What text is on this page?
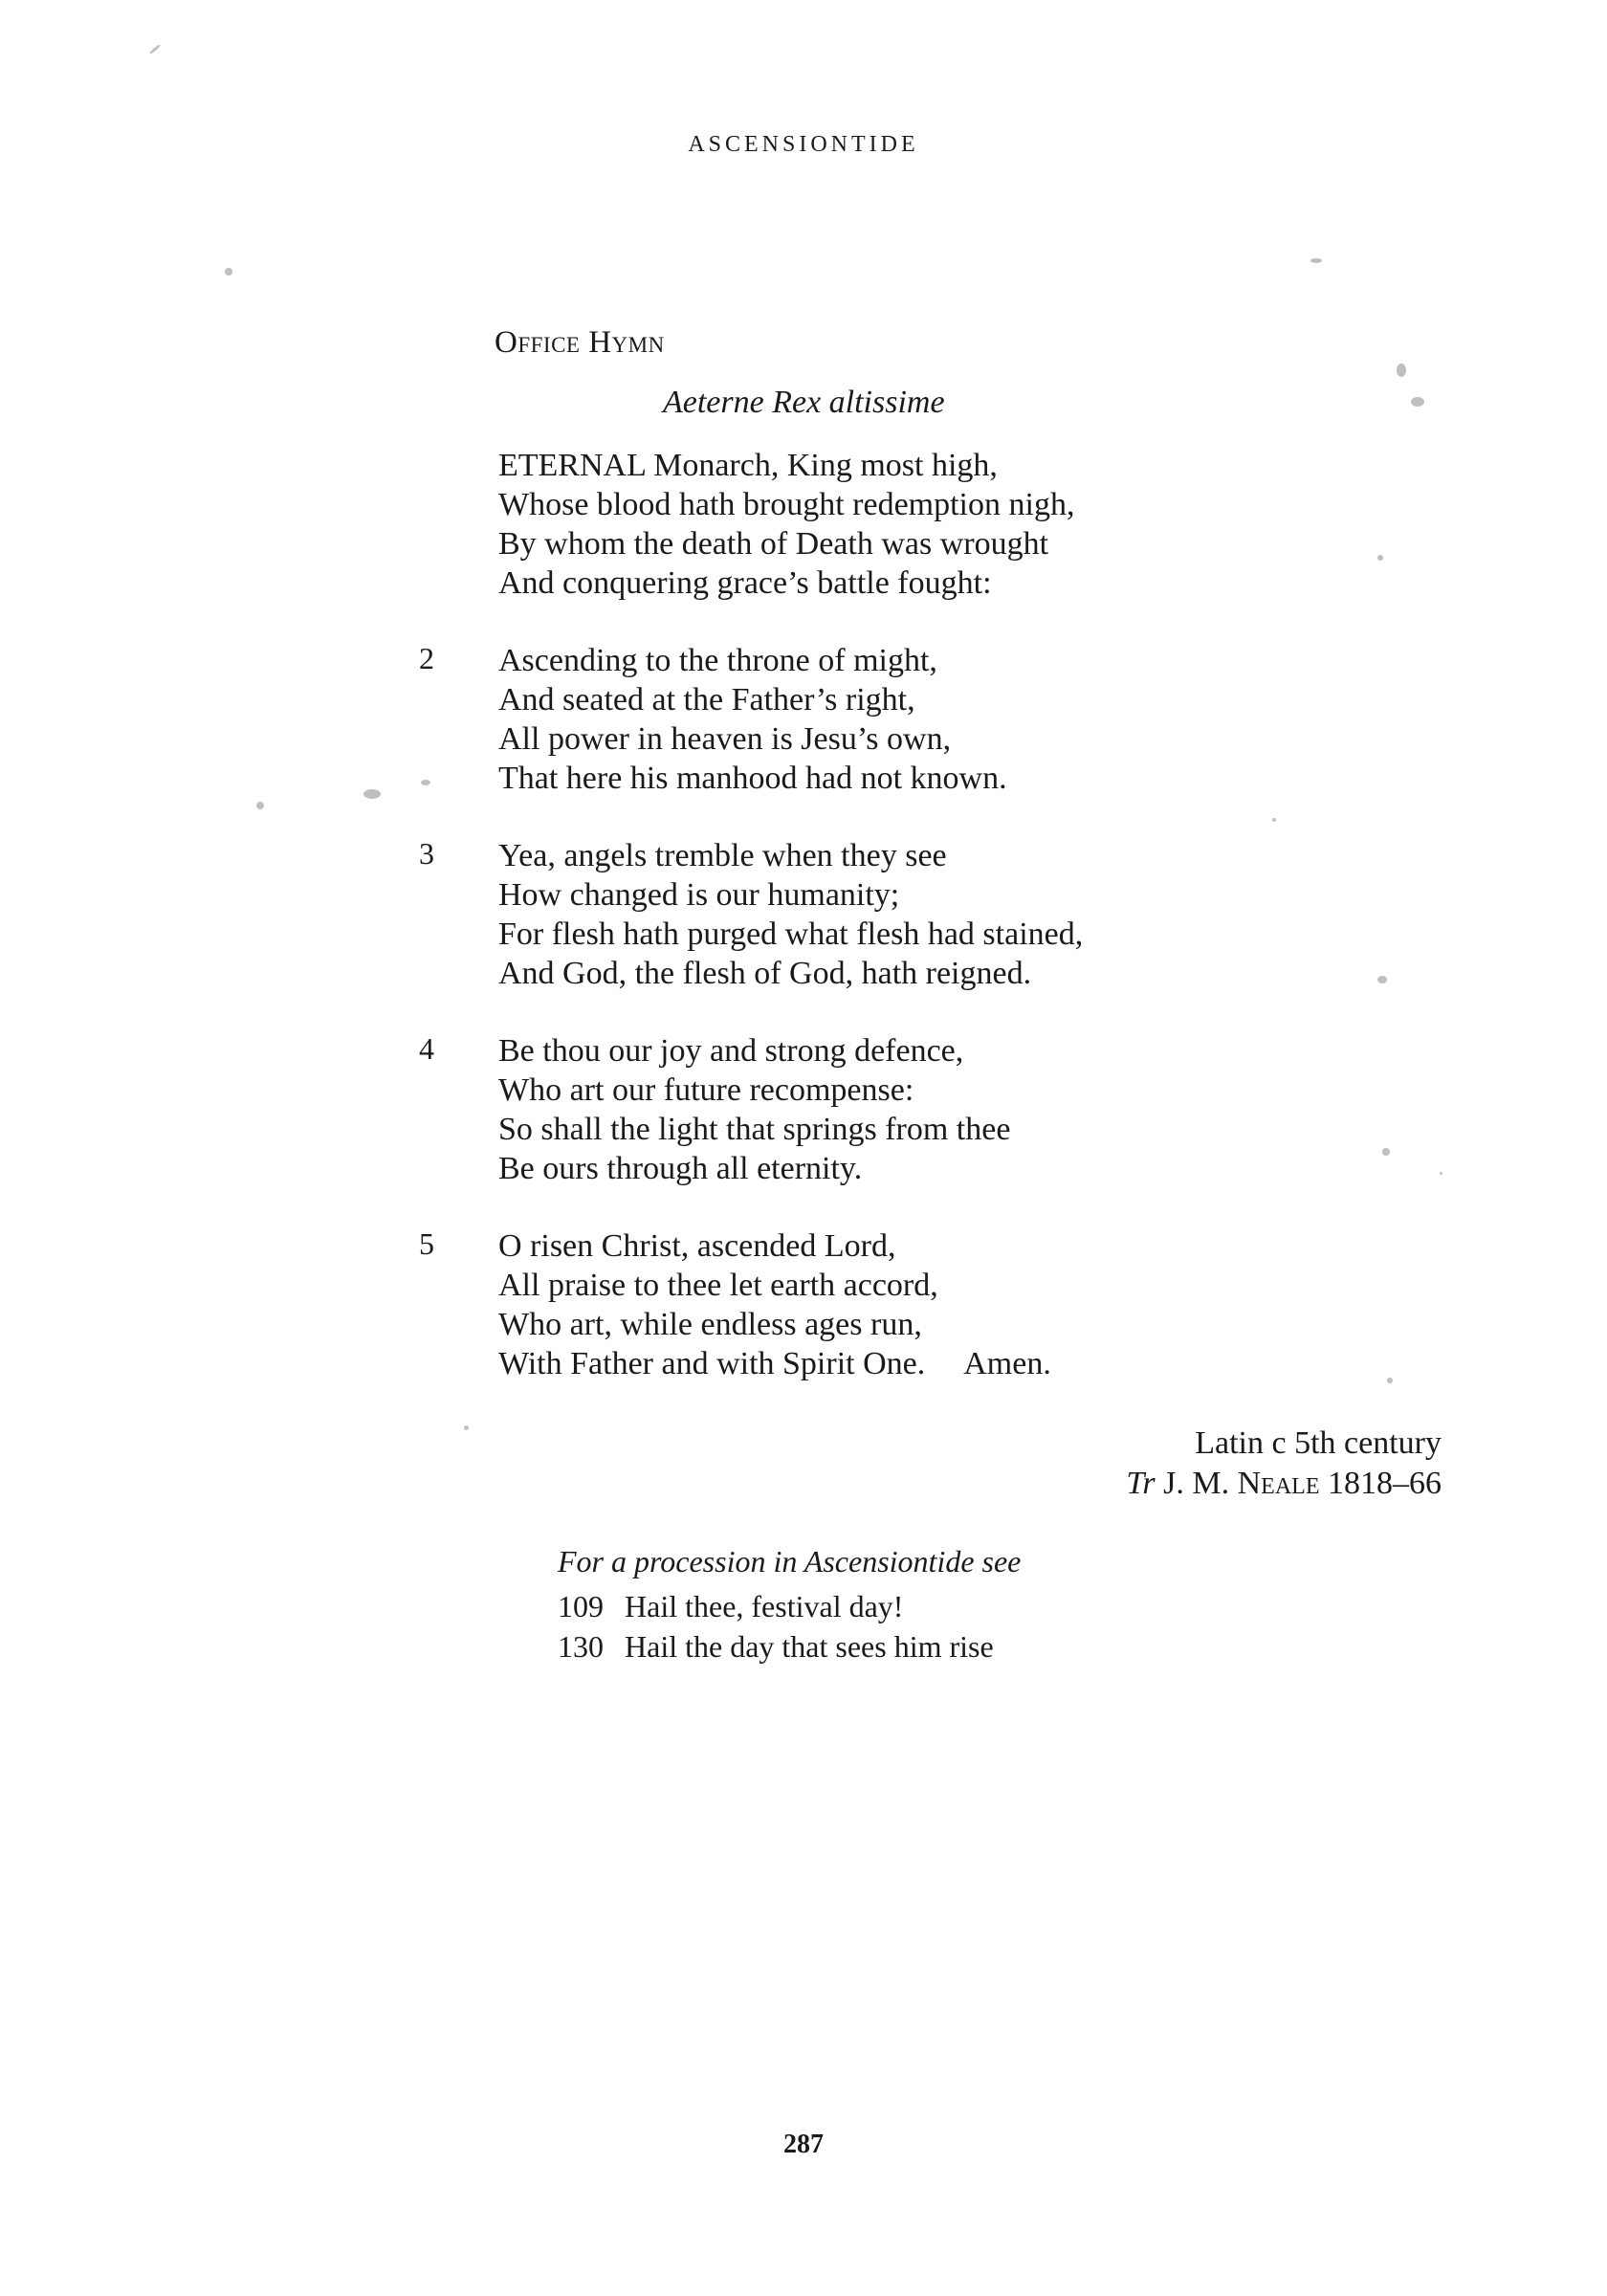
ASCENSIONTIDE
Office Hymn
Aeterne Rex altissime
ETERNAL Monarch, King most high,
Whose blood hath brought redemption nigh,
By whom the death of Death was wrought
And conquering grace’s battle fought:
2	Ascending to the throne of might,
And seated at the Father’s right,
All power in heaven is Jesu’s own,
That here his manhood had not known.
3	Yea, angels tremble when they see
How changed is our humanity;
For flesh hath purged what flesh had stained,
And God, the flesh of God, hath reigned.
4	Be thou our joy and strong defence,
Who art our future recompense:
So shall the light that springs from thee
Be ours through all eternity.
5	O risen Christ, ascended Lord,
All praise to thee let earth accord,
Who art, while endless ages run,
With Father and with Spirit One. Amen.
Latin c 5th century
Tr J. M. Neale 1818–66
For a procession in Ascensiontide see
109 Hail thee, festival day!
130 Hail the day that sees him rise
287
